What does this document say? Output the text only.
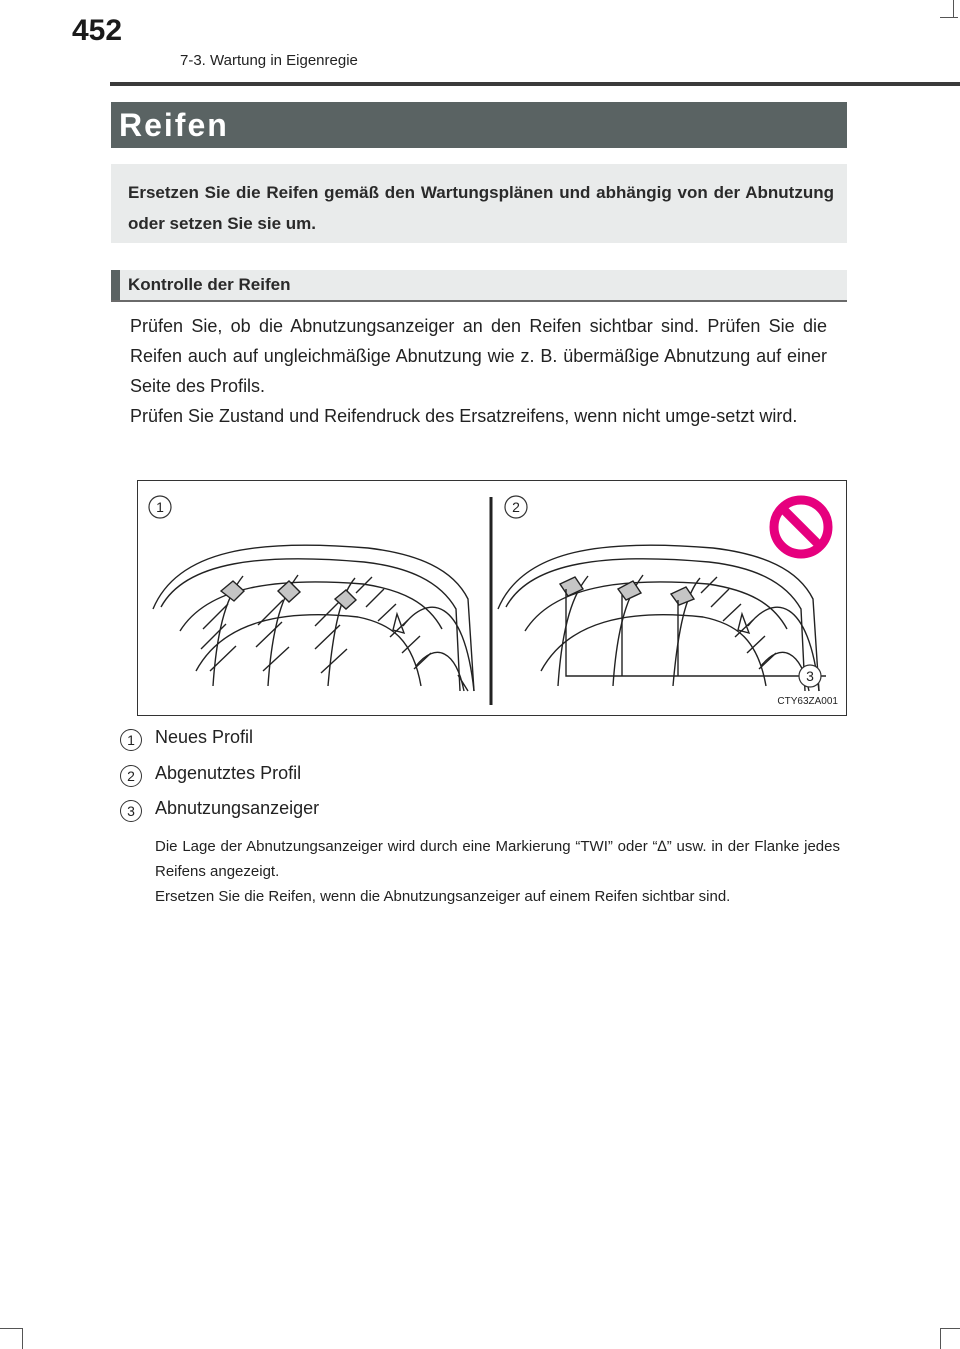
452
7-3. Wartung in Eigenregie
Reifen

Ersetzen Sie die Reifen gemäß den Wartungsplänen und abhängig von der Abnutzung oder setzen Sie sie um.

Kontrolle der Reifen

Prüfen Sie, ob die Abnutzungsanzeiger an den Reifen sichtbar sind. Prüfen Sie die Reifen auch auf ungleichmäßige Abnutzung wie z. B. übermäßige Abnutzung auf einer Seite des Profils.

Prüfen Sie Zustand und Reifendruck des Ersatzreifens, wenn nicht umge-setzt wird.

1	2
3
CTY63ZA001
1	Neues Profil
2	Abgenutztes Profil
3	Abnutzungsanzeiger

Die Lage der Abnutzungsanzeiger wird durch eine Markierung “TWI” oder “∆” usw. in der Flanke jedes Reifens angezeigt.

Ersetzen Sie die Reifen, wenn die Abnutzungsanzeiger auf einem Reifen sichtbar sind.
